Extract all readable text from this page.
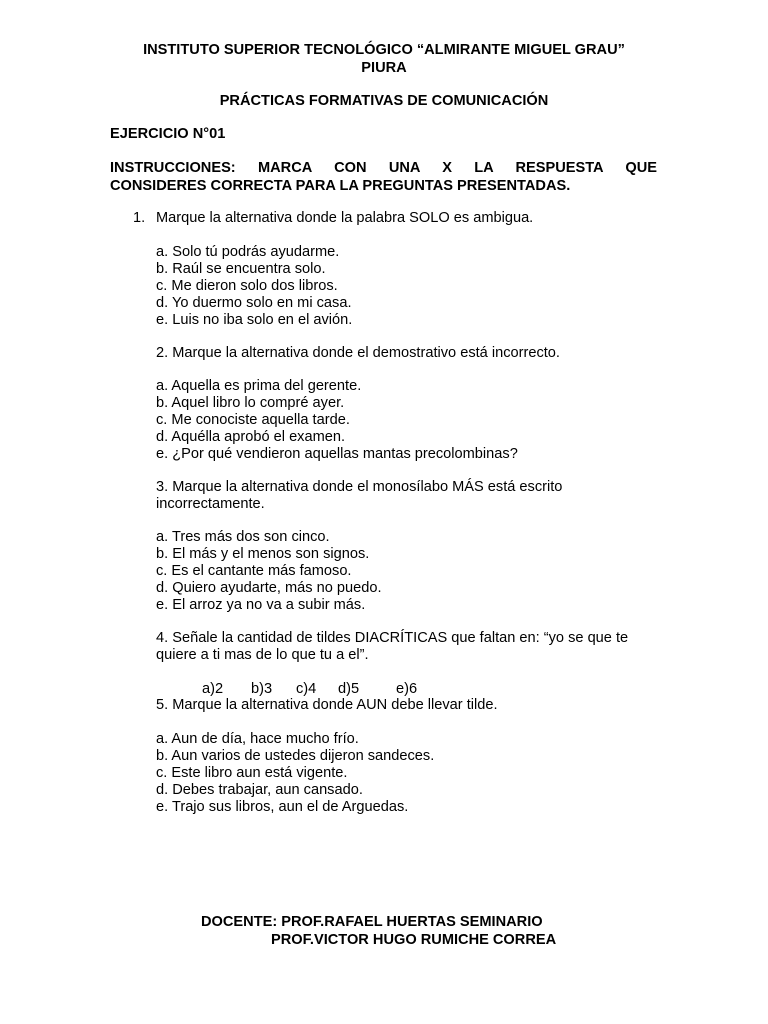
INSTITUTO SUPERIOR TECNOLÓGICO “ALMIRANTE MIGUEL GRAU”
PIURA
PRÁCTICAS FORMATIVAS DE COMUNICACIÓN
EJERCICIO N°01
INSTRUCCIONES: MARCA CON UNA X LA RESPUESTA QUE
CONSIDERES CORRECTA PARA LA PREGUNTAS PRESENTADAS.
1. Marque la alternativa donde la palabra SOLO es ambigua.
a. Solo tú podrás ayudarme.
b. Raúl se encuentra solo.
c. Me dieron solo dos libros.
d. Yo duermo solo en mi casa.
e. Luis no iba solo en el avión.
2. Marque la alternativa donde el demostrativo está incorrecto.
a. Aquella es prima del gerente.
b. Aquel libro lo compré ayer.
c. Me conociste aquella tarde.
d. Aquélla aprobó el examen.
e. ¿Por qué vendieron aquellas mantas precolombinas?
3. Marque la alternativa donde el monosílabo MÁS está escrito
incorrectamente.
a. Tres más dos son cinco.
b. El más y el menos son signos.
c. Es el cantante más famoso.
d. Quiero ayudarte, más no puedo.
e. El arroz ya no va a subir más.
4. Señale la cantidad de tildes DIACRÍTICAS que faltan en: “yo se que te
quiere a ti mas de lo que tu a el”.
a)2 b)3 c)4 d)5	e)6
5. Marque la alternativa donde AUN debe llevar tilde.
a. Aun de día, hace mucho frío.
b. Aun varios de ustedes dijeron sandeces.
c. Este libro aun está vigente.
d. Debes trabajar, aun cansado.
e. Trajo sus libros, aun el de Arguedas.
DOCENTE: PROF.RAFAEL HUERTAS SEMINARIO
PROF.VICTOR HUGO RUMICHE CORREA
